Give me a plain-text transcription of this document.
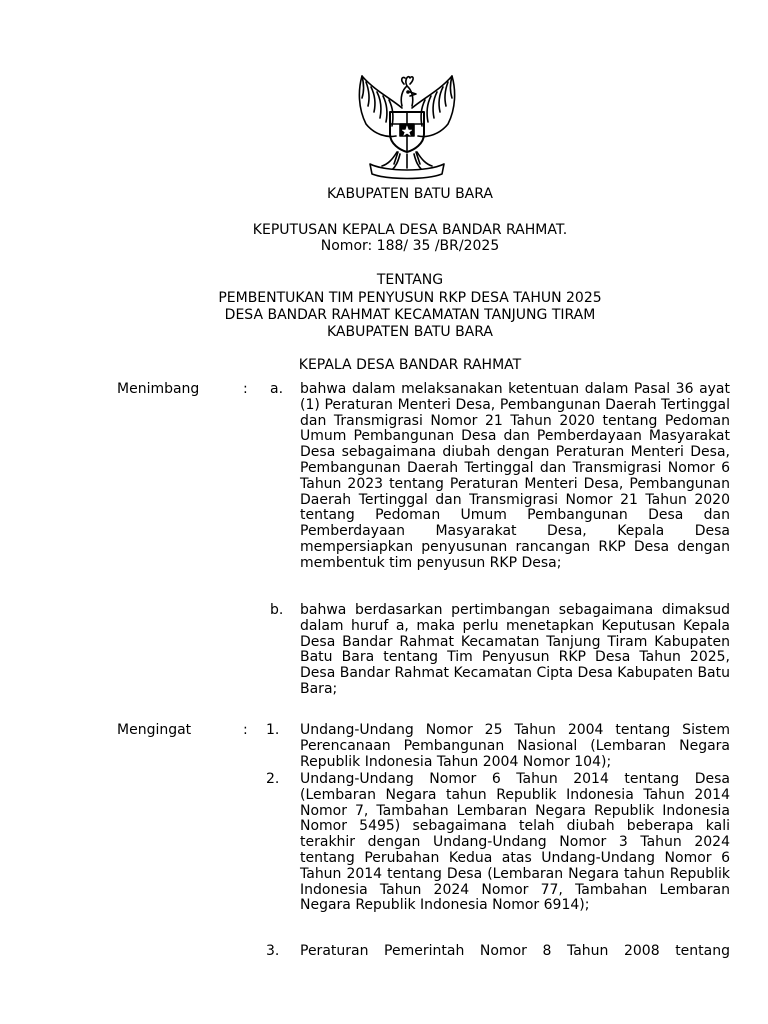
KABUPATEN BATU BARA
KEPUTUSAN KEPALA DESA BANDAR RAHMAT.
Nomor: 188/ 35 /BR/2025
TENTANG
PEMBENTUKAN TIM PENYUSUN RKP DESA TAHUN 2025
DESA BANDAR RAHMAT KECAMATAN TANJUNG TIRAM
KABUPATEN BATU BARA
KEPALA DESA BANDAR RAHMAT
Menimbang	: a. bahwa dalam melaksanakan ketentuan dalam Pasal 36 ayat (1) Peraturan Menteri Desa, Pembangunan Daerah Tertinggal dan Transmigrasi Nomor 21 Tahun 2020 tentang Pedoman Umum Pembangunan Desa dan Pemberdayaan Masyarakat Desa sebagaimana diubah dengan Peraturan Menteri Desa, Pembangunan Daerah Tertinggal dan Transmigrasi Nomor 6 Tahun 2023 tentang Peraturan Menteri Desa, Pembangunan Daerah Tertinggal dan Transmigrasi Nomor 21 Tahun 2020 tentang Pedoman Umum Pembangunan Desa dan Pemberdayaan Masyarakat Desa, Kepala Desa mempersiapkan penyusunan rancangan RKP Desa dengan membentuk tim penyusun RKP Desa;
b. bahwa berdasarkan pertimbangan sebagaimana dimaksud dalam huruf a, maka perlu menetapkan Keputusan Kepala Desa Bandar Rahmat Kecamatan Tanjung Tiram Kabupaten Batu Bara tentang Tim Penyusun RKP Desa Tahun 2025, Desa Bandar Rahmat Kecamatan Cipta Desa Kabupaten Batu Bara;
Mengingat	: 1. Undang-Undang Nomor 25 Tahun 2004 tentang Sistem Perencanaan Pembangunan Nasional (Lembaran Negara Republik Indonesia Tahun 2004 Nomor 104);
2. Undang-Undang Nomor 6 Tahun 2014 tentang Desa (Lembaran Negara tahun Republik Indonesia Tahun 2014 Nomor 7, Tambahan Lembaran Negara Republik Indonesia Nomor 5495) sebagaimana telah diubah beberapa kali terakhir dengan Undang-Undang Nomor 3 Tahun 2024 tentang Perubahan Kedua atas Undang-Undang Nomor 6 Tahun 2014 tentang Desa (Lembaran Negara tahun Republik Indonesia Tahun 2024 Nomor 77, Tambahan Lembaran Negara Republik Indonesia Nomor 6914);
3. Peraturan Pemerintah Nomor 8 Tahun 2008 tentang
